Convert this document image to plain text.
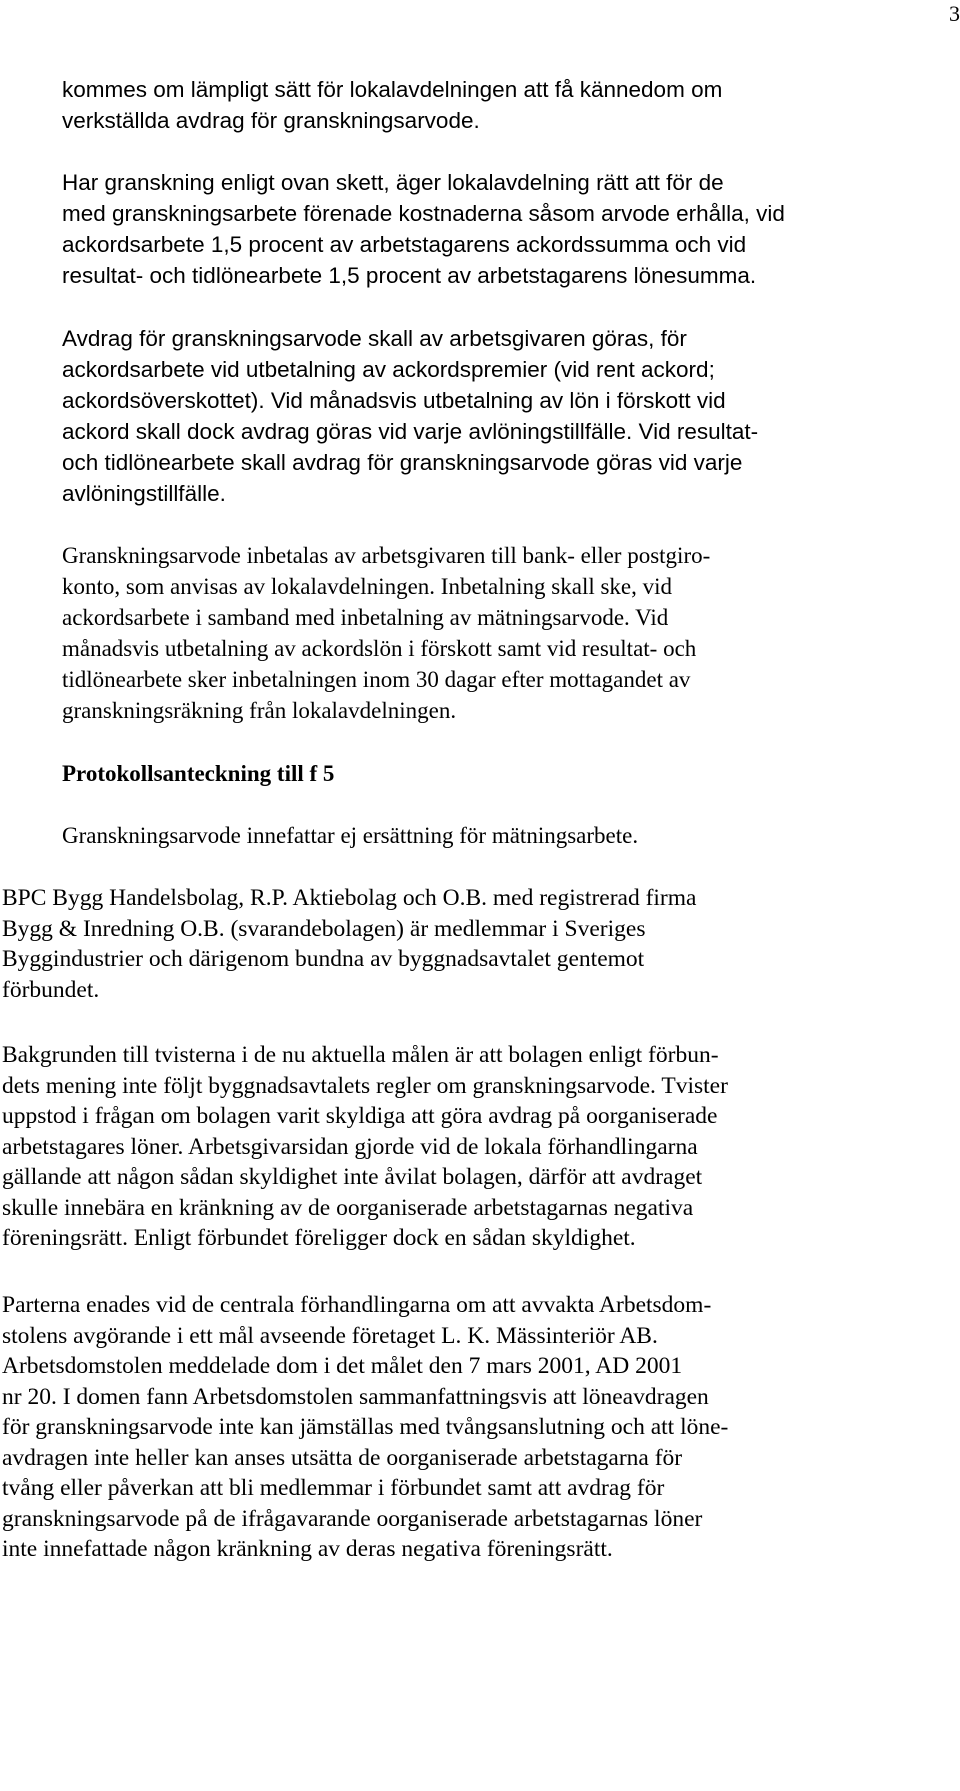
3
kommes om lämpligt sätt för lokalavdelningen att få kännedom om
verkställda avdrag för granskningsarvode.
Har granskning enligt ovan skett, äger lokalavdelning rätt att för de
med granskningsarbete förenade kostnaderna såsom arvode erhålla, vid
ackordsarbete 1,5 procent av arbetstagarens ackordssumma och vid
resultat- och tidlönearbete 1,5 procent av arbetstagarens lönesumma.
Avdrag för granskningsarvode skall av arbetsgivaren göras, för
ackordsarbete vid utbetalning av ackordspremier (vid rent ackord;
ackordsöverskottet). Vid månadsvis utbetalning av lön i förskott vid
ackord skall dock avdrag göras vid varje avlöningstillfälle. Vid resultat-
och tidlönearbete skall avdrag för granskningsarvode göras vid varje
avlöningstillfälle.
Granskningsarvode inbetalas av arbetsgivaren till bank- eller postgiro-
konto, som anvisas av lokalavdelningen. Inbetalning skall ske, vid
ackordsarbete i samband med inbetalning av mätningsarvode. Vid
månadsvis utbetalning av ackordslön i förskott samt vid resultat- och
tidlönearbete sker inbetalningen inom 30 dagar efter mottagandet av
granskningsräkning från lokalavdelningen.
Protokollsanteckning till f 5
Granskningsarvode innefattar ej ersättning för mätningsarbete.
BPC Bygg Handelsbolag, R.P. Aktiebolag och O.B. med registrerad firma
Bygg & Inredning O.B. (svarandebolagen) är medlemmar i Sveriges
Byggindustrier och därigenom bundna av byggnadsavtalet gentemot
förbundet.
Bakgrunden till tvisterna i de nu aktuella målen är att bolagen enligt förbun-
dets mening inte följt byggnadsavtalets regler om granskningsarvode. Tvister
uppstod i frågan om bolagen varit skyldiga att göra avdrag på oorganiserade
arbetstagares löner. Arbetsgivarsidan gjorde vid de lokala förhandlingarna
gällande att någon sådan skyldighet inte åvilat bolagen, därför att avdraget
skulle innebära en kränkning av de oorganiserade arbetstagarnas negativa
föreningsrätt. Enligt förbundet föreligger dock en sådan skyldighet.
Parterna enades vid de centrala förhandlingarna om att avvakta Arbetsdom-
stolens avgörande i ett mål avseende företaget L. K. Mässinteriör AB.
Arbetsdomstolen meddelade dom i det målet den 7 mars 2001, AD 2001
nr 20. I domen fann Arbetsdomstolen sammanfattningsvis att löneavdragen
för granskningsarvode inte kan jämställas med tvångsanslutning och att löne-
avdragen inte heller kan anses utsätta de oorganiserade arbetstagarna för
tvång eller påverkan att bli medlemmar i förbundet samt att avdrag för
granskningsarvode på de ifrågavarande oorganiserade arbetstagarnas löner
inte innefattade någon kränkning av deras negativa föreningsrätt.
